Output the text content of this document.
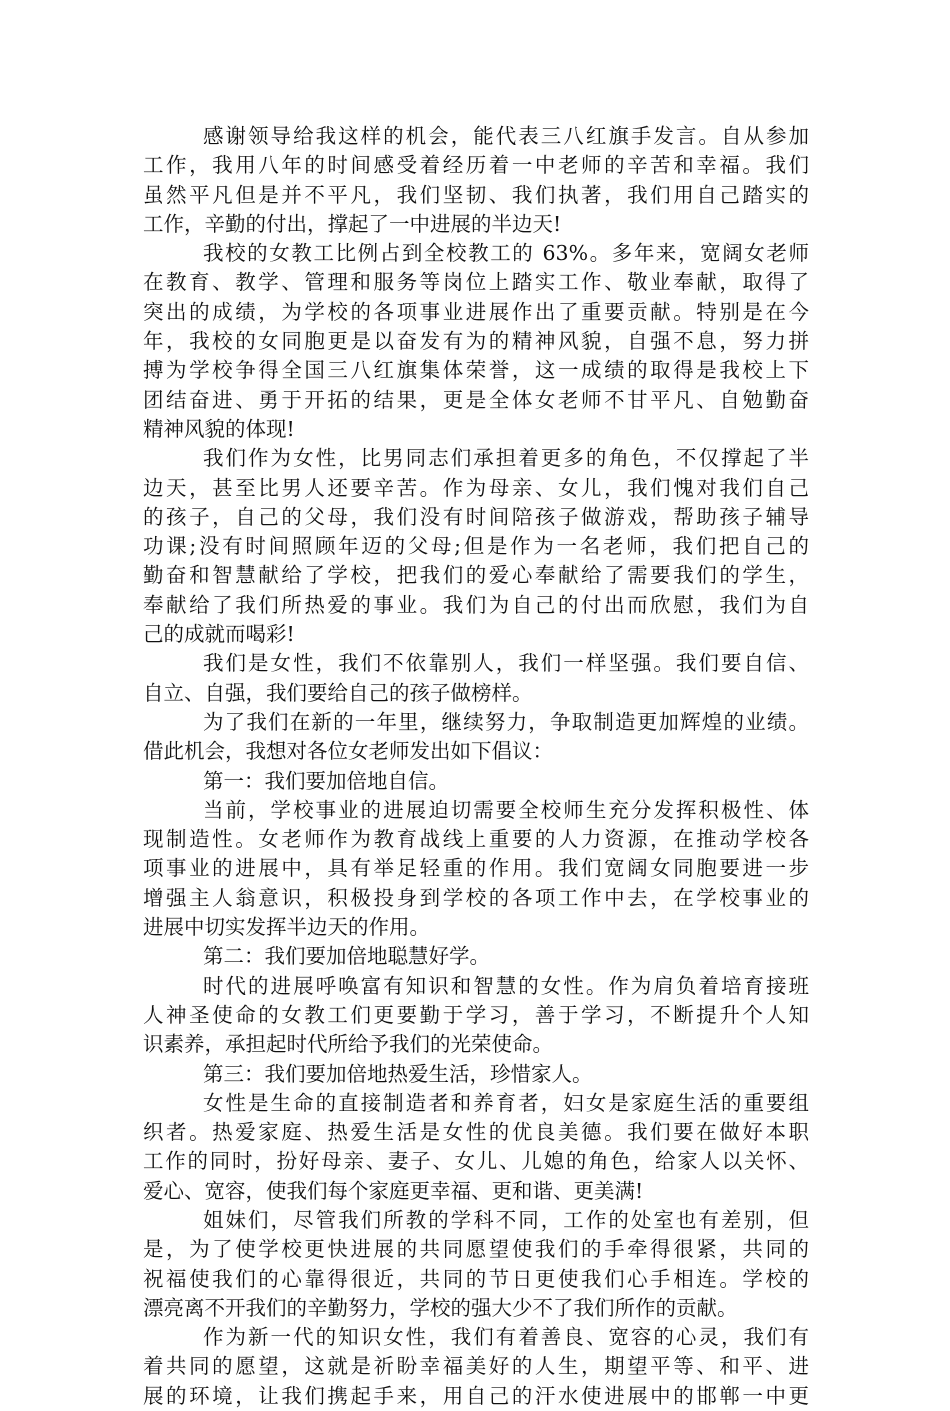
感谢领导给我这样的机会，能代表三八红旗手发言。自从参加
工作，我用八年的时间感受着经历着一中老师的辛苦和幸福。我们
虽然平凡但是并不平凡，我们坚韧、我们执著，我们用自己踏实的
工作，辛勤的付出，撑起了一中进展的半边天!
我校的女教工比例占到全校教工的 63%。多年来，宽阔女老师
在教育、教学、管理和服务等岗位上踏实工作、敬业奉献，取得了
突出的成绩，为学校的各项事业进展作出了重要贡献。特别是在今
年，我校的女同胞更是以奋发有为的精神风貌，自强不息，努力拼
搏为学校争得全国三八红旗集体荣誉，这一成绩的取得是我校上下
团结奋进、勇于开拓的结果，更是全体女老师不甘平凡、自勉勤奋
精神风貌的体现!
我们作为女性，比男同志们承担着更多的角色，不仅撑起了半
边天，甚至比男人还要辛苦。作为母亲、女儿，我们愧对我们自己
的孩子，自己的父母，我们没有时间陪孩子做游戏，帮助孩子辅导
功课;没有时间照顾年迈的父母;但是作为一名老师，我们把自己的
勤奋和智慧献给了学校，把我们的爱心奉献给了需要我们的学生，
奉献给了我们所热爱的事业。我们为自己的付出而欣慰，我们为自
己的成就而喝彩!
我们是女性，我们不依靠别人，我们一样坚强。我们要自信、
自立、自强，我们要给自己的孩子做榜样。
为了我们在新的一年里，继续努力，争取制造更加辉煌的业绩。
借此机会，我想对各位女老师发出如下倡议：
第一：我们要加倍地自信。
当前，学校事业的进展迫切需要全校师生充分发挥积极性、体
现制造性。女老师作为教育战线上重要的人力资源，在推动学校各
项事业的进展中，具有举足轻重的作用。我们宽阔女同胞要进一步
增强主人翁意识，积极投身到学校的各项工作中去，在学校事业的
进展中切实发挥半边天的作用。
第二：我们要加倍地聪慧好学。
时代的进展呼唤富有知识和智慧的女性。作为肩负着培育接班
人神圣使命的女教工们更要勤于学习，善于学习，不断提升个人知
识素养，承担起时代所给予我们的光荣使命。
第三：我们要加倍地热爱生活，珍惜家人。
女性是生命的直接制造者和养育者，妇女是家庭生活的重要组
织者。热爱家庭、热爱生活是女性的优良美德。我们要在做好本职
工作的同时，扮好母亲、妻子、女儿、儿媳的角色，给家人以关怀、
爱心、宽容，使我们每个家庭更幸福、更和谐、更美满!
姐妹们，尽管我们所教的学科不同，工作的处室也有差别，但
是，为了使学校更快进展的共同愿望使我们的手牵得很紧，共同的
祝福使我们的心靠得很近，共同的节日更使我们心手相连。学校的
漂亮离不开我们的辛勤努力，学校的强大少不了我们所作的贡献。
作为新一代的知识女性，我们有着善良、宽容的心灵，我们有
着共同的愿望，这就是祈盼幸福美好的人生，期望平等、和平、进
展的环境，让我们携起手来，用自己的汗水使进展中的邯郸一中更
